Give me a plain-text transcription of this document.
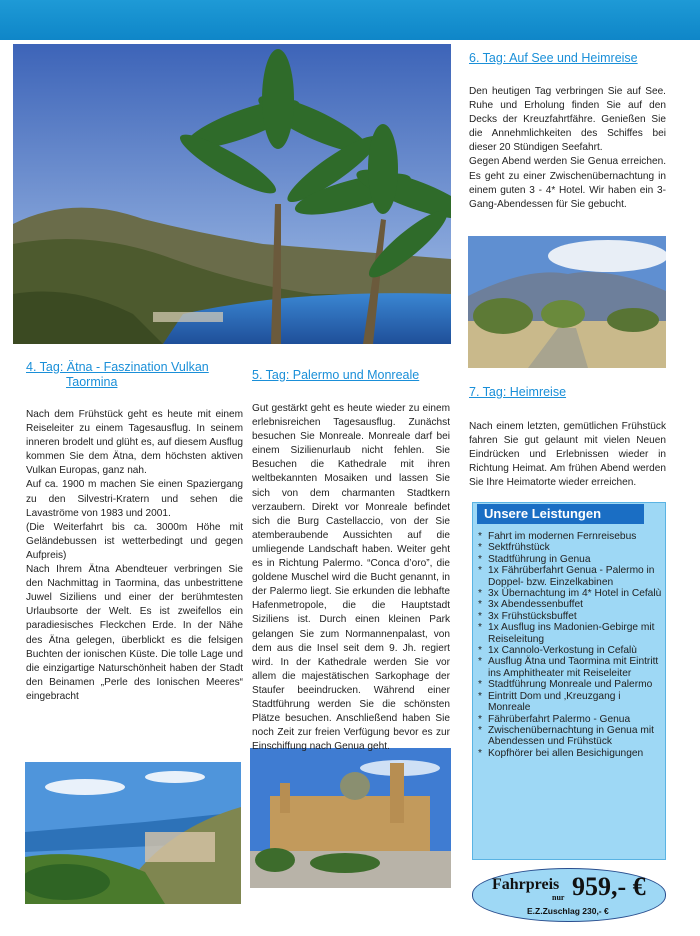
4. Tag: Ätna - Faszination Vulkan
Taormina

Nach dem Frühstück geht es heute mit einem Reiseleiter zu einem Tagesausflug. In seinem inneren brodelt und glüht es, auf diesem Ausflug kommen Sie dem Ätna, dem höchsten aktiven Vulkan Europas, ganz nah.

Auf ca. 1900 m machen Sie einen Spaziergang zu den Silvestri-Kratern und sehen die Lavaströme von 1983 und 2001.

(Die Weiterfahrt bis ca. 3000m Höhe mit Geländebussen ist wetterbedingt und gegen Aufpreis)

Nach Ihrem Ätna Abendteuer verbringen Sie den Nachmittag in Taormina, das unbestrittene Juwel Siziliens und einer der berühmtesten Urlaubsorte der Welt. Es ist zweifellos ein paradiesisches Fleckchen Erde. In der Nähe des Ätna gelegen, überblickt es die felsigen Buchten der ionischen Küste. Die tolle Lage und die einzigartige Naturschönheit haben der Stadt den Beinamen „Perle des Ionischen Meeres“ eingebracht

5. Tag: Palermo und Monreale

Gut gestärkt geht es heute wieder zu einem erlebnisreichen Tagesausflug. Zunächst besuchen Sie Monreale. Monreale darf bei einem Sizilienurlaub nicht fehlen. Sie Besuchen die Kathedrale mit ihren weltbekannten Mosaiken und lassen Sie sich von dem charmanten Stadtkern verzaubern. Direkt vor Monreale befindet sich die Burg Castellaccio, von der Sie atemberaubende Aussichten auf die umliegende Landschaft haben. Weiter geht es in Richtung Palermo. “Conca d’oro”, die goldene Muschel wird die Bucht genannt, in der Palermo liegt. Sie erkunden die lebhafte Hafenmetropole, die die Hauptstadt Siziliens ist. Durch einen kleinen Park gelangen Sie zum Normannenpalast, von dem aus die Insel seit dem 9. Jh. regiert wird. In der Kathedrale werden Sie vor allem die majestätischen Sarkophage der Staufer beeindrucken. Während einer Stadtführung werden Sie die schönsten Plätze besuchen. Anschließend haben Sie noch Zeit zur freien Verfügung bevor es zur Einschiffung nach Genua geht.

6. Tag: Auf See und Heimreise

Den heutigen Tag verbringen Sie auf See. Ruhe und Erholung finden Sie auf den Decks der Kreuzfahrtfähre. Genießen Sie die Annehmlichkeiten des Schiffes bei dieser 20 Stündigen Seefahrt.

Gegen Abend werden Sie Genua erreichen. Es geht zu einer Zwischenübernachtung in einem guten 3 - 4* Hotel. Wir haben ein 3-Gang-Abendessen für Sie gebucht.

7. Tag: Heimreise

Nach einem letzten, gemütlichen Frühstück fahren Sie gut gelaunt mit vielen Neuen Eindrücken und Erlebnissen wieder in Richtung Heimat. Am frühen Abend werden Sie Ihre Heimatorte wieder erreichen.

* Fahrt im modernen Fernreisebus
* Sektfrühstück
* Stadtführung in Genua
* 1x Fährüberfahrt Genua - Palermo in Doppel- bzw. Einzelkabinen
* 3x Übernachtung im 4* Hotel in Cefalù
* 3x Abendessenbuffet
* 3x Frühstücksbuffet
* 1x Ausflug ins Madonien-Gebirge mit Reiseleitung
* 1x Cannolo-Verkostung in Cefalù
* Ausflug Ätna und Taormina mit Eintritt ins Amphitheater mit Reiseleiter
* Stadtführung Monreale und Palermo
* Eintritt Dom und ‚Kreuzgang i Monreale
* Fährüberfahrt Palermo - Genua
* Zwischenübernachtung in Genua mit Abendessen und Frühstück
* Kopfhörer bei allen Besichigungen
Unsere Leistungen
Fahrpreis
nur 959,- €
E.Z.Zuschlag 230,- €
